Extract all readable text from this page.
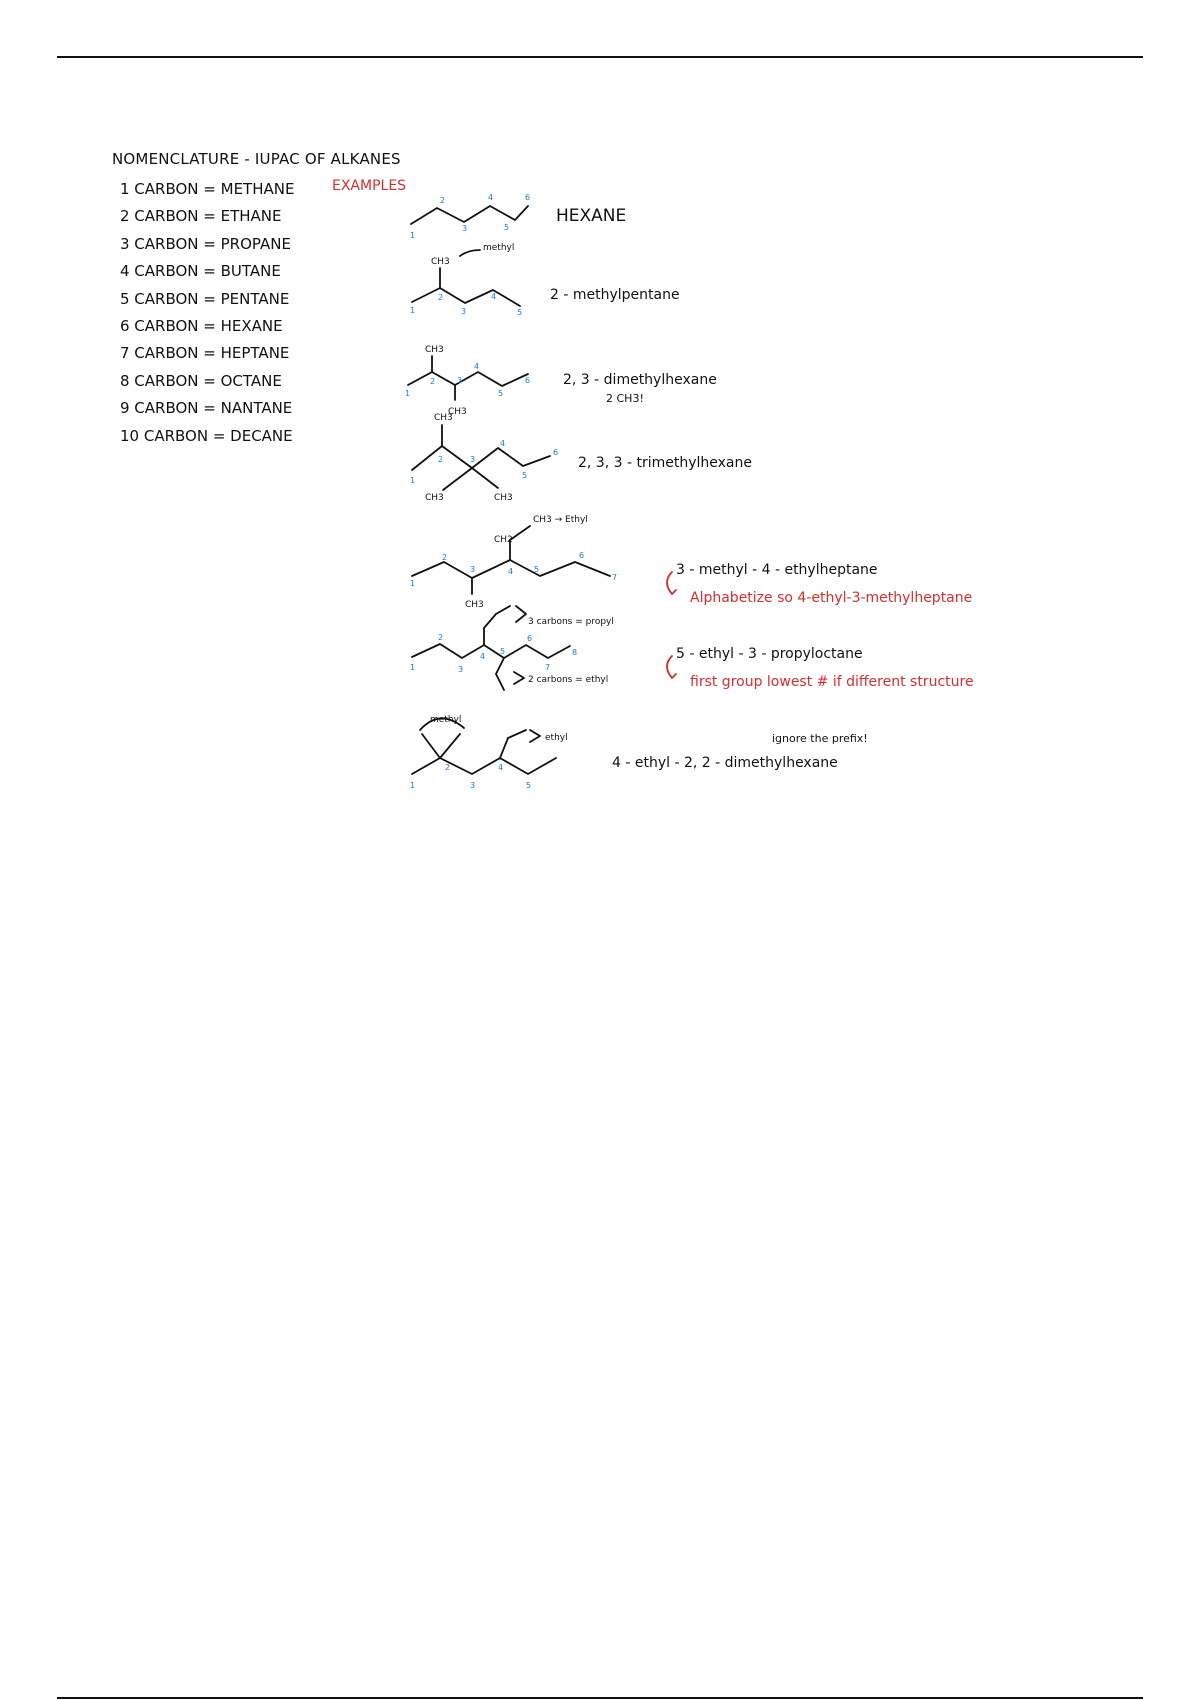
NOMENCLATURE - IUPAC OF ALKANES
1 CARBON = METHANE
2 CARBON = ETHANE
3 CARBON = PROPANE
4 CARBON = BUTANE
5 CARBON = PENTANE
6 CARBON = HEXANE
7 CARBON = HEPTANE
8 CARBON = OCTANE
9 CARBON = NANTANE
10 CARBON = DECANE
EXAMPLES
1
2
3
4
5
6
CH3
methyl
1
2
3
4
5
CH3
CH3
1
2	3
4
5
6
CH3
CH3	CH3
1
2	3
4
5
6
CH3
CH2
CH3 → Ethyl
1
2
3	4	5
6
7
3 carbons = propyl
2 carbons = ethyl
1
2
3
4
5
6
7
8
methyl
ethyl
1
2
3
4
5
HEXANE
2 - methylpentane
2, 3 - dimethylhexane
2 CH3!
2, 3, 3 - trimethylhexane
3 - methyl - 4 - ethylheptane
Alphabetize so 4-ethyl-3-methylheptane
5 - ethyl - 3 - propyloctane
first group lowest # if different structure
ignore the prefix!
4 - ethyl - 2, 2 - dimethylhexane
